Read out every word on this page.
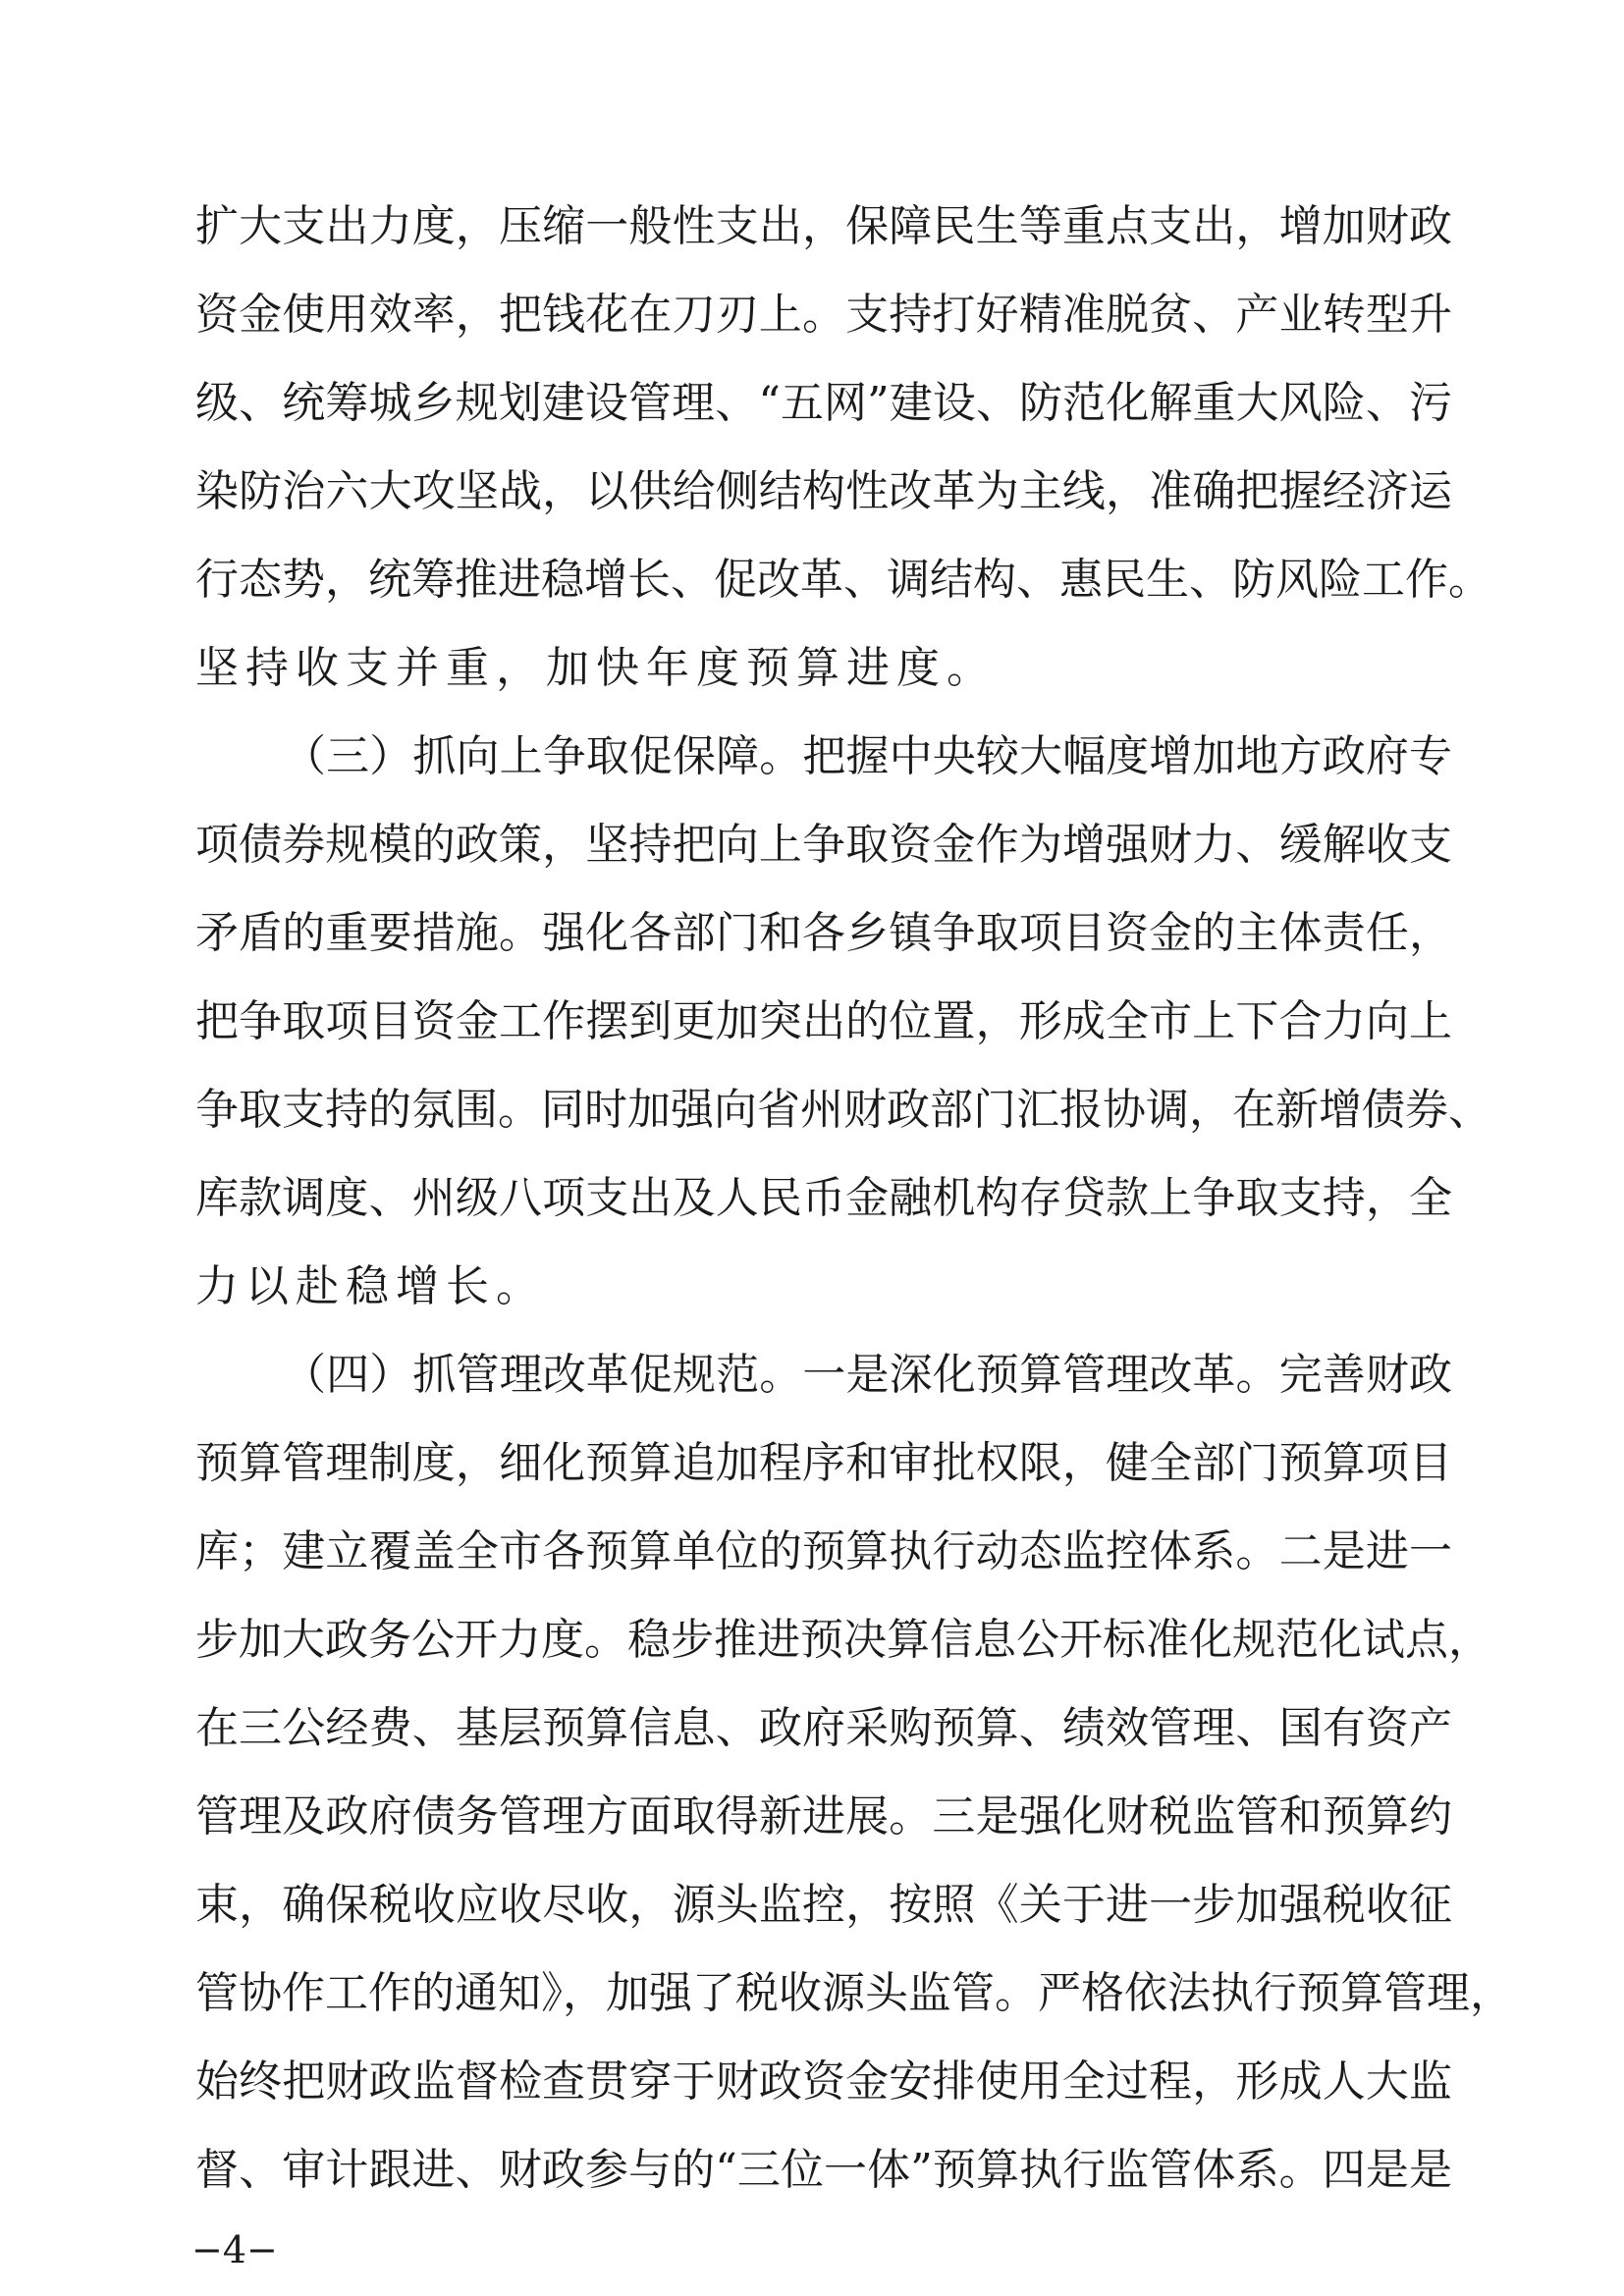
扩大支出力度，压缩一般性支出，保障民生等重点支出，增加财政
资金使用效率，把钱花在刀刃上。支持打好精准脱贫、产业转型升
级、统筹城乡规划建设管理、“五网”建设、防范化解重大风险、污
染防治六大攻坚战，以供给侧结构性改革为主线，准确把握经济运
行态势，统筹推进稳增长、促改革、调结构、惠民生、防风险工作。
坚持收支并重，加快年度预算进度。
（三）抓向上争取促保障。把握中央较大幅度增加地方政府专
项债券规模的政策，坚持把向上争取资金作为增强财力、缓解收支
矛盾的重要措施。强化各部门和各乡镇争取项目资金的主体责任，
把争取项目资金工作摆到更加突出的位置，形成全市上下合力向上
争取支持的氛围。同时加强向省州财政部门汇报协调，在新增债券、
库款调度、州级八项支出及人民币金融机构存贷款上争取支持，全
力以赴稳增长。
（四）抓管理改革促规范。一是深化预算管理改革。完善财政
预算管理制度，细化预算追加程序和审批权限，健全部门预算项目
库；建立覆盖全市各预算单位的预算执行动态监控体系。二是进一
步加大政务公开力度。稳步推进预决算信息公开标准化规范化试点，
在三公经费、基层预算信息、政府采购预算、绩效管理、国有资产
管理及政府债务管理方面取得新进展。三是强化财税监管和预算约
束，确保税收应收尽收，源头监控，按照《关于进一步加强税收征
管协作工作的通知》，加强了税收源头监管。严格依法执行预算管理，
始终把财政监督检查贯穿于财政资金安排使用全过程，形成人大监
督、审计跟进、财政参与的“三位一体”预算执行监管体系。四是是
−4−
